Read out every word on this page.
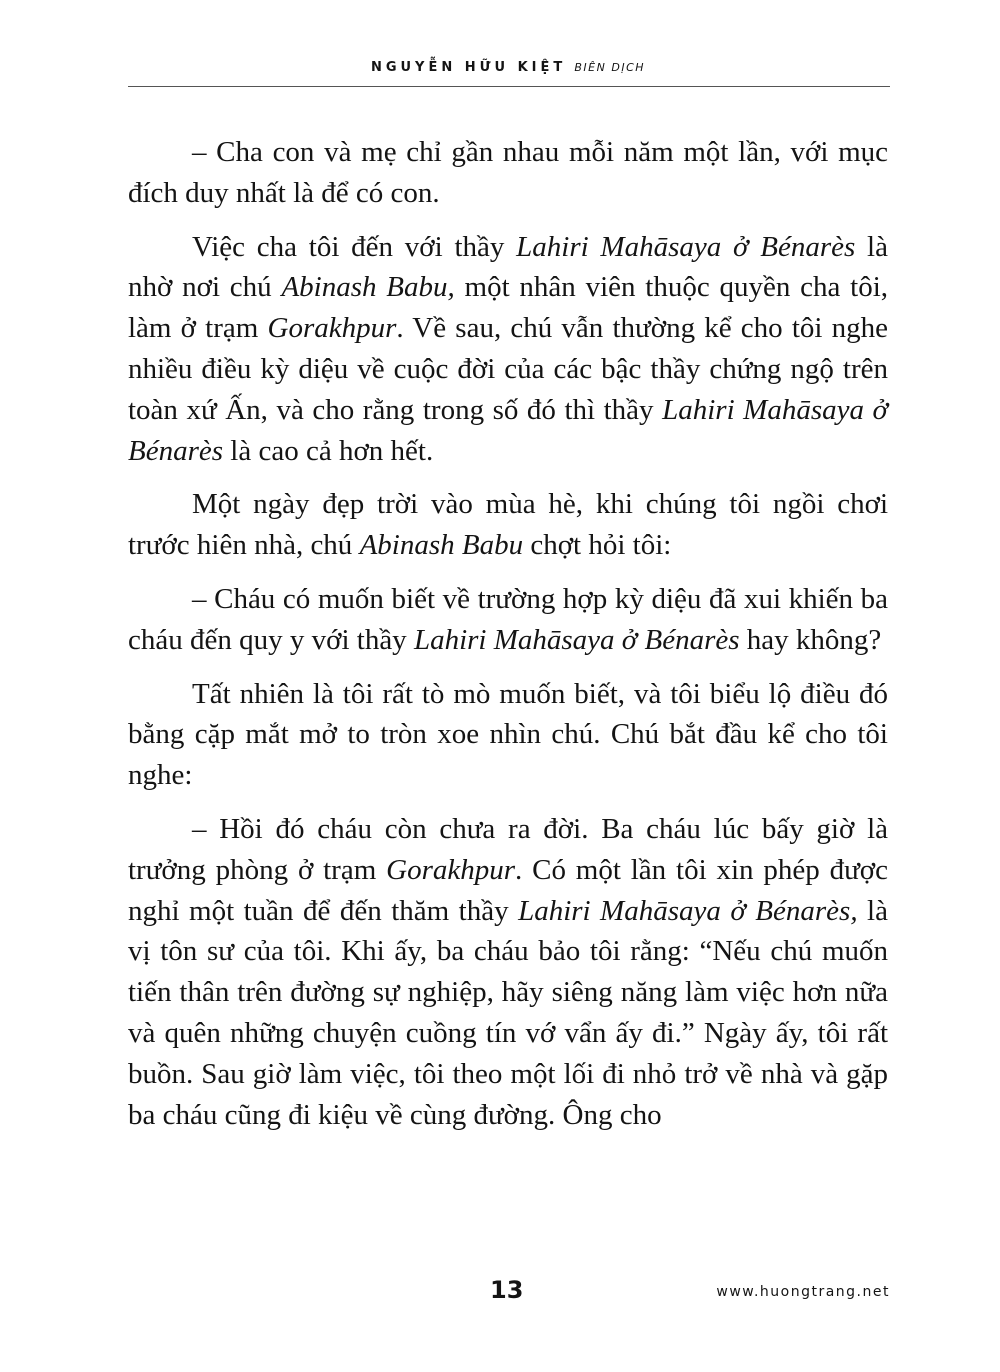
NGUYỄN HỮU KIỆT BIÊN DỊCH

– Cha con và mẹ chỉ gần nhau mỗi năm một lần, với mục đích duy nhất là để có con.

Việc cha tôi đến với thầy Lahiri Mahāsaya ở Bénarès là nhờ nơi chú Abinash Babu, một nhân viên thuộc quyền cha tôi, làm ở trạm Gorakhpur. Về sau, chú vẫn thường kể cho tôi nghe nhiều điều kỳ diệu về cuộc đời của các bậc thầy chứng ngộ trên toàn xứ Ấn, và cho rằng trong số đó thì thầy Lahiri Mahāsaya ở Bénarès là cao cả hơn hết.

Một ngày đẹp trời vào mùa hè, khi chúng tôi ngồi chơi trước hiên nhà, chú Abinash Babu chợt hỏi tôi:

– Cháu có muốn biết về trường hợp kỳ diệu đã xui khiến ba cháu đến quy y với thầy Lahiri Mahāsaya ở Bénarès hay không?

Tất nhiên là tôi rất tò mò muốn biết, và tôi biểu lộ điều đó bằng cặp mắt mở to tròn xoe nhìn chú. Chú bắt đầu kể cho tôi nghe:

– Hồi đó cháu còn chưa ra đời. Ba cháu lúc bấy giờ là trưởng phòng ở trạm Gorakhpur. Có một lần tôi xin phép được nghỉ một tuần để đến thăm thầy Lahiri Mahāsaya ở Bénarès, là vị tôn sư của tôi. Khi ấy, ba cháu bảo tôi rằng: “Nếu chú muốn tiến thân trên đường sự nghiệp, hãy siêng năng làm việc hơn nữa và quên những chuyện cuồng tín vớ vẩn ấy đi.” Ngày ấy, tôi rất buồn. Sau giờ làm việc, tôi theo một lối đi nhỏ trở về nhà và gặp ba cháu cũng đi kiệu về cùng đường. Ông cho

13	www.huongtrang.net
